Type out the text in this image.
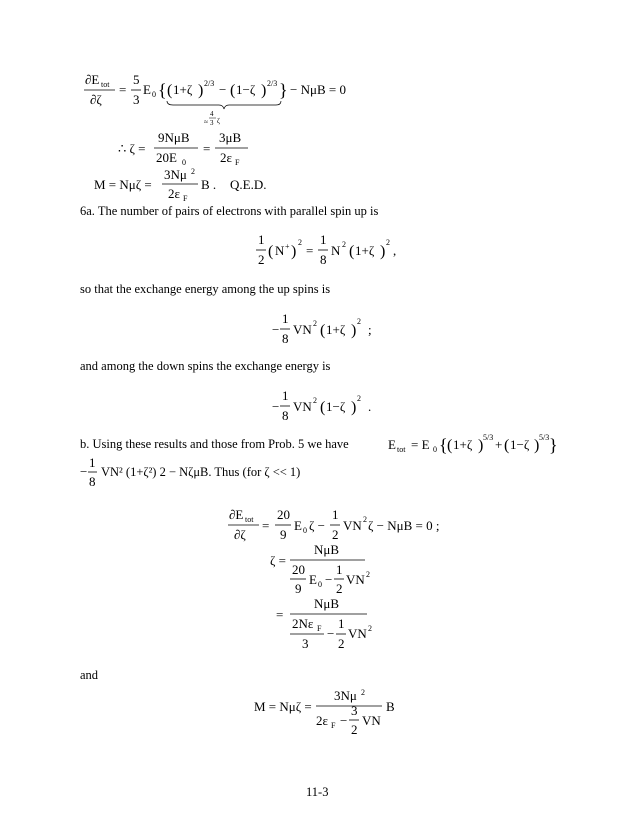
∂E tot
∂ζ
=
5
3
E 0 { ( 1+ζ ) 2/3 − ( 1−ζ ) 2/3 } − NμB = 0
4
≈ 3 ζ
∴ ζ =
9NμB
20E 0
=
3μB
2ε F
M = Nμζ =
3Nμ 2
2ε F
B . Q.E.D.

6a. The number of pairs of electrons with parallel spin up is

1
2 ( N + )
2
=
1
8
N 2 ( 1+ζ )
2
,

so that the exchange energy among the up spins is

−
1
8
VN 2 ( 1+ζ )
2
;

and among the down spins the exchange energy is

−
1
8
VN 2 ( 1−ζ )
2
.

b. Using these results and those from Prob. 5 we have	E tot = E 0 { ( 1+ζ ) 5/3 + ( 1−ζ ) 5/3 }
−
1
8

VN² (1+ζ²) 2 − NζμB. Thus (for ζ << 1)

∂E tot
∂ζ
=
20
9
E 0 ζ −
1
2
VN 2 ζ − NμB = 0 ;
ζ =
NμB
20
9
E 0 −
1
2
VN 2
=
NμB
2Nε F
3
−
1
2
VN 2

and

M = Nμζ =
3Nμ 2
B
2ε F −
3
2
VN

11-3
